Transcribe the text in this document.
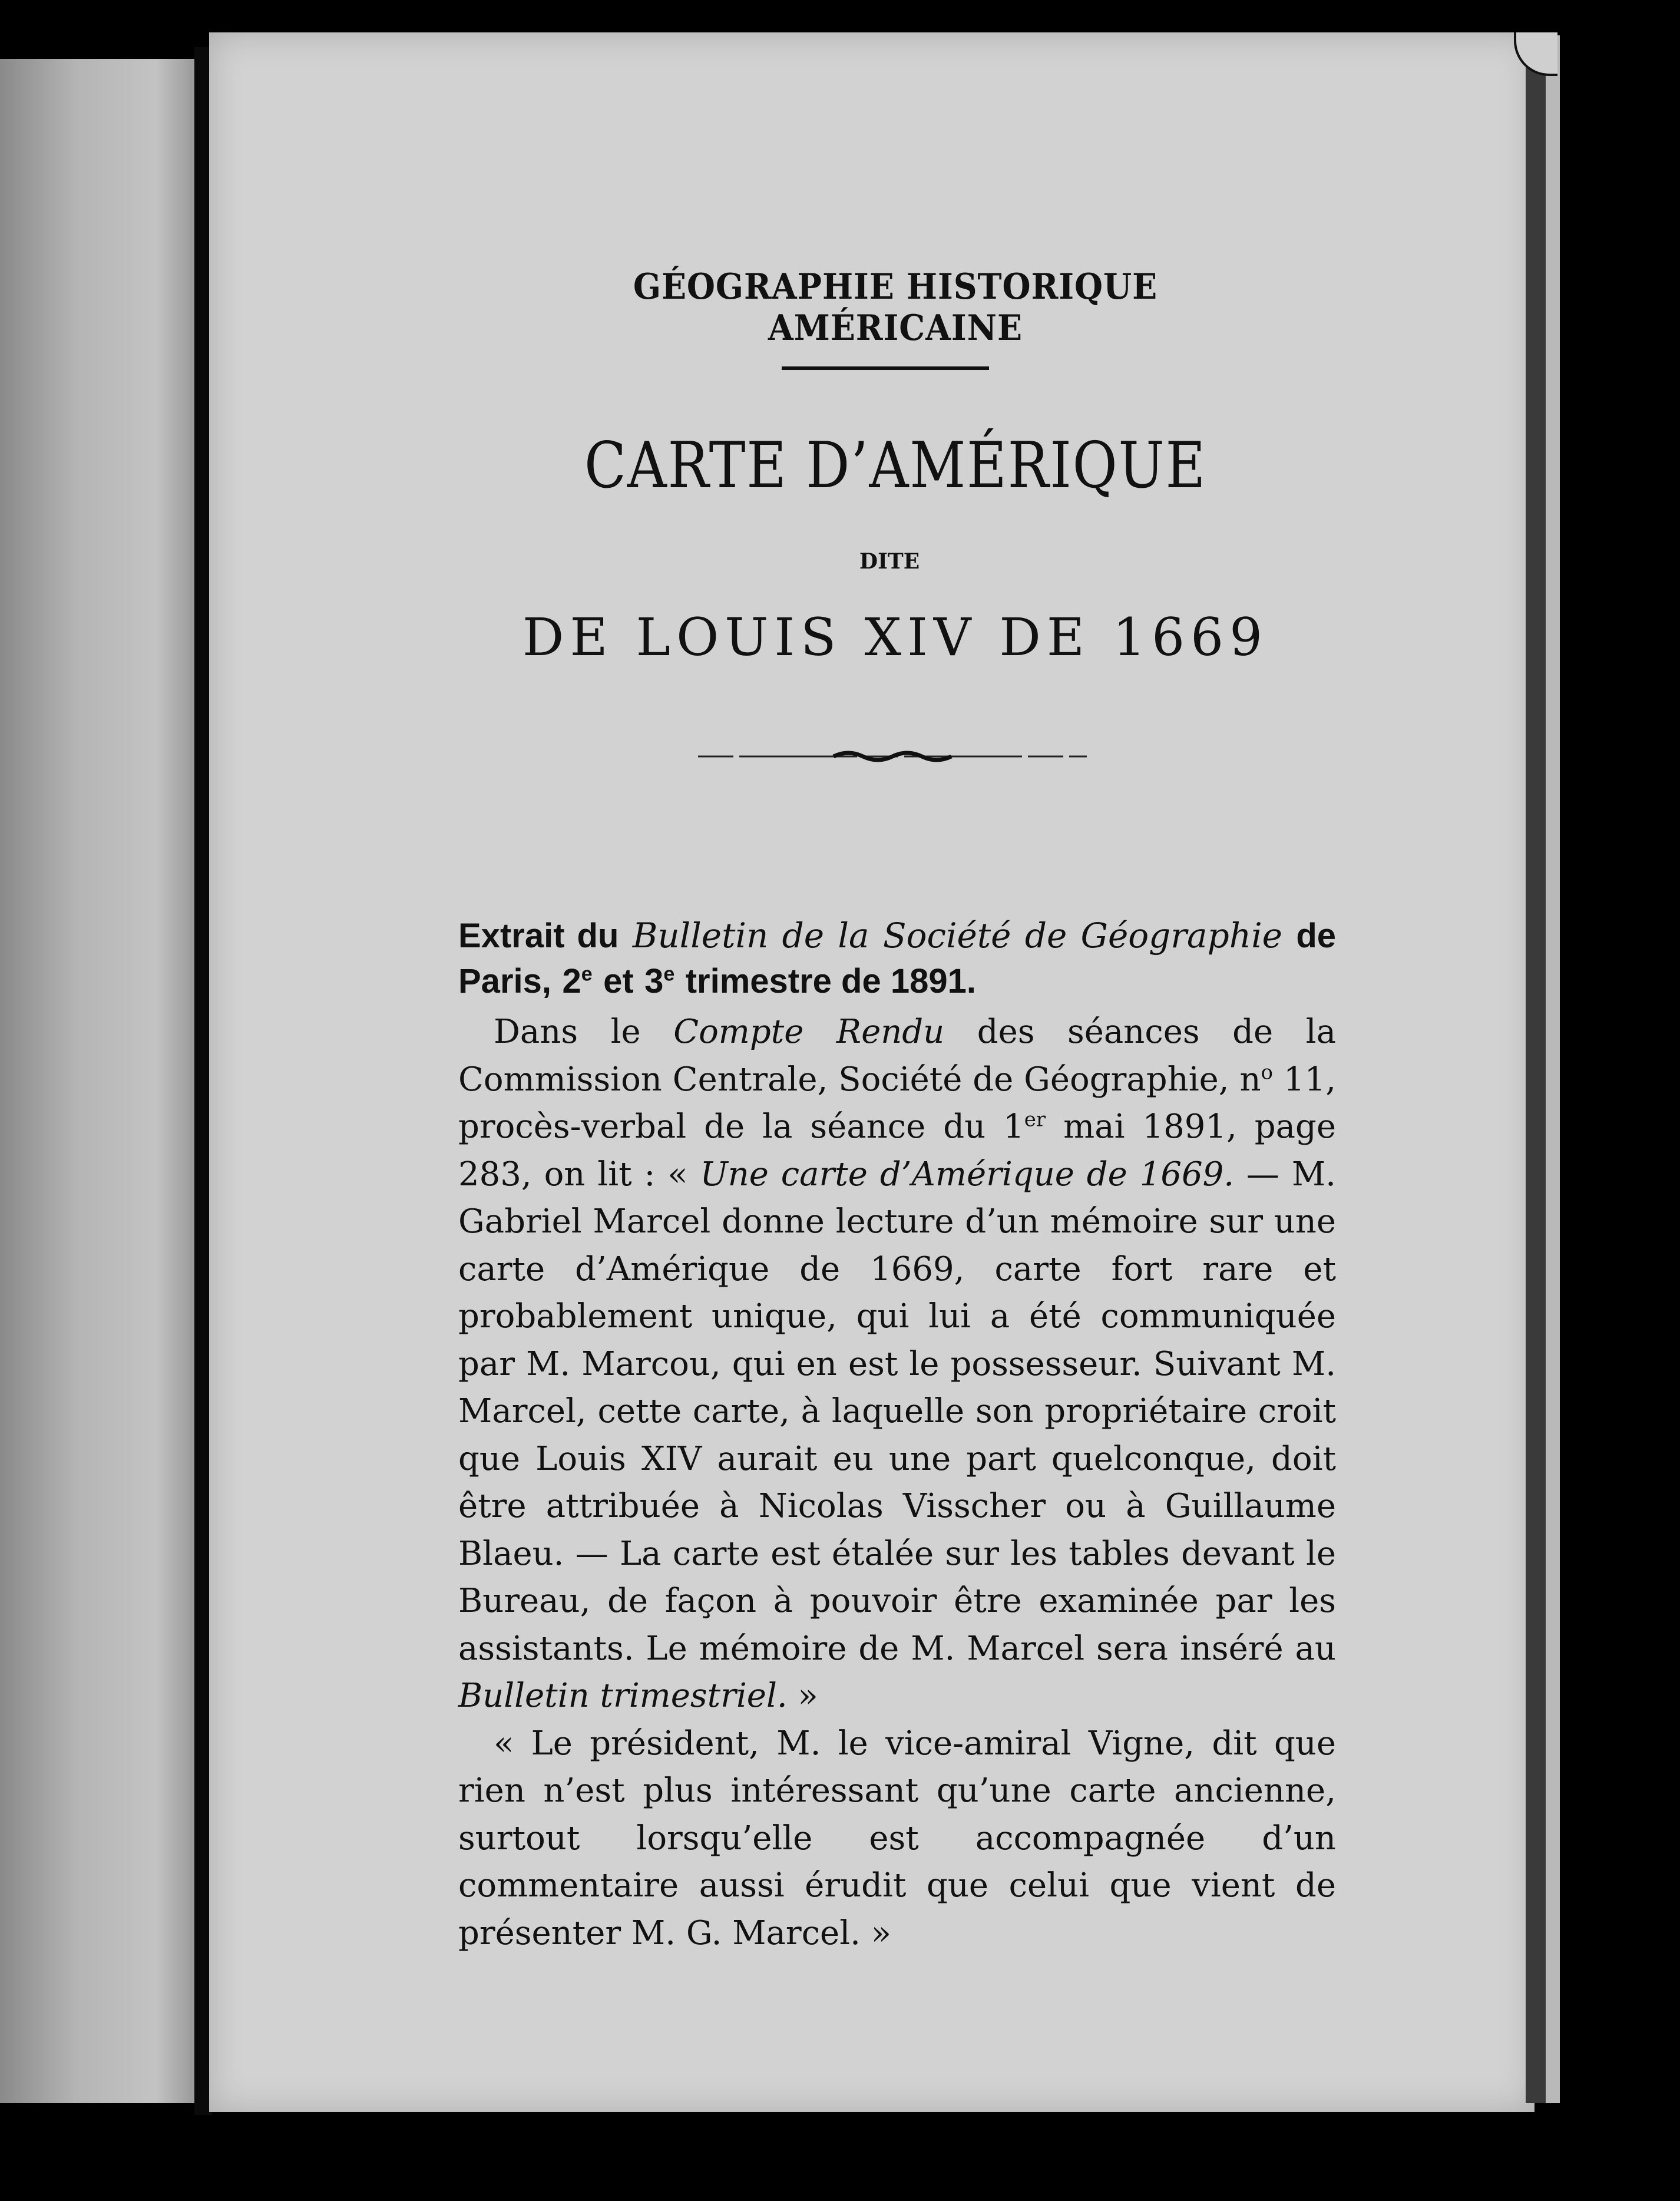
GÉOGRAPHIE HISTORIQUE AMÉRICAINE
CARTE D’AMÉRIQUE
DITE
DE LOUIS XIV DE 1669
Extrait du Bulletin de la Société de Géographie de Paris, 2e et 3e trimestre de 1891.

Dans le Compte Rendu des séances de la Commission Centrale, Société de Géographie, $n^o$ 11, procès-verbal de la séance du 1er mai 1891, page 283, on lit : « Une carte d’Amérique de 1669. — M. Gabriel Marcel donne lecture d’un mémoire sur une carte d’Amérique de 1669, carte fort rare et probablement unique, qui lui a été communiquée par M. Marcou, qui en est le possesseur. Suivant M. Marcel, cette carte, à laquelle son propriétaire croit que Louis XIV aurait eu une part quelconque, doit être attribuée à Nicolas Visscher ou à Guillaume Blaeu. — La carte est étalée sur les tables devant le Bureau, de façon à pouvoir être examinée par les assistants. Le mémoire de M. Marcel sera inséré au Bulletin trimestriel. »

« Le président, M. le vice-amiral Vigne, dit que rien n’est plus intéressant qu’une carte ancienne, surtout lorsqu’elle est accompagnée d’un commentaire aussi érudit que celui que vient de présenter M. G. Marcel. »
